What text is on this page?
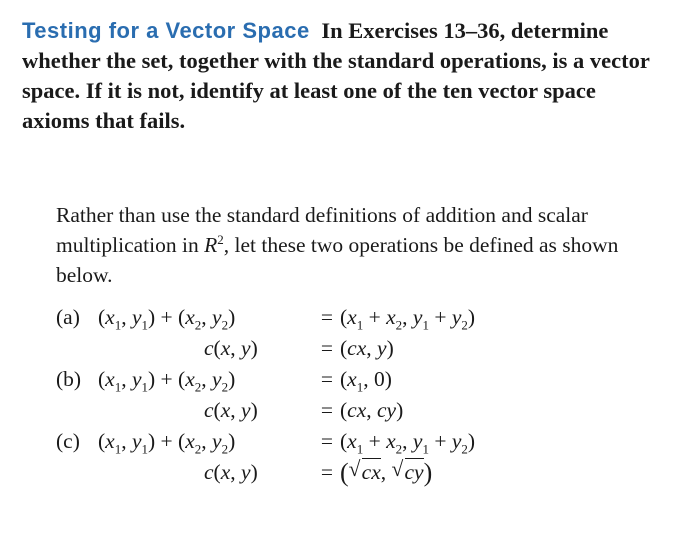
Testing for a Vector Space In Exercises 13–36, determine whether the set, together with the standard operations, is a vector space. If it is not, identify at least one of the ten vector space axioms that fails.

Rather than use the standard definitions of addition and scalar multiplication in $R^2$, let these two operations be defined as shown below.

(a) ($x_1$, $y_1) + (x_2$, $y_2$)	= ($x_1 + x_2$, $y_1 + y_2$)
c(x, y)	= (cx, y)
(b) ($x_1$, $y_1) + (x_2$, $y_2$)	= ($x_1$, 0)
c(x, y)	= (cx, cy)
(c) ($x_1$, $y_1) + (x_2$, $y_2$)	= ($x_1 + x_2$, $y_1 + y_2$)
c(x, y)	= ( √ cx, √ cy)
